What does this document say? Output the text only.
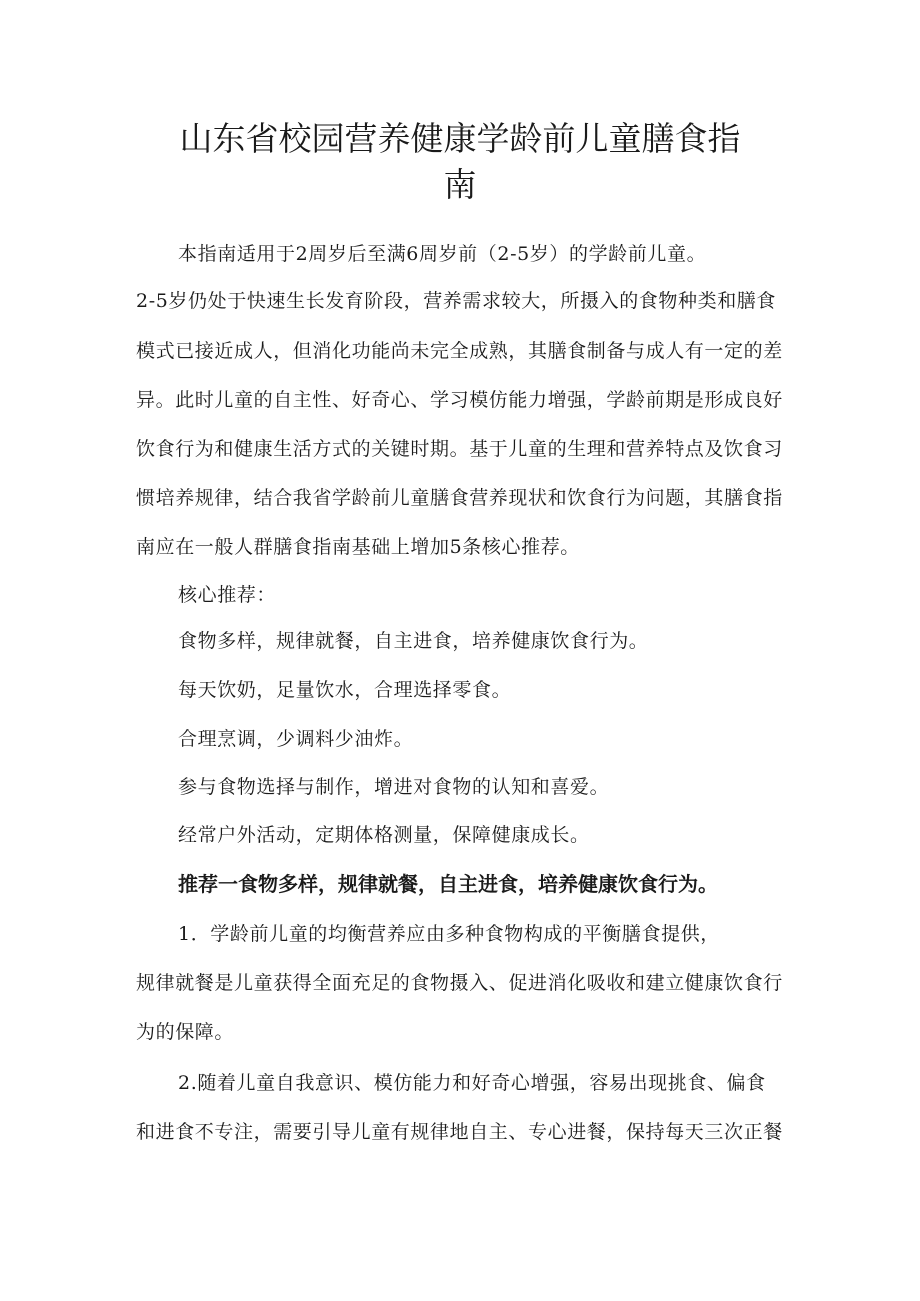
山东省校园营养健康学龄前儿童膳食指
南

本指南适用于2周岁后至满6周岁前（2-5岁）的学龄前儿童。

2-5岁仍处于快速生长发育阶段，营养需求较大，所摄入的食物种类和膳食

模式已接近成人，但消化功能尚未完全成熟，其膳食制备与成人有一定的差

异。此时儿童的自主性、好奇心、学习模仿能力增强，学龄前期是形成良好

饮食行为和健康生活方式的关键时期。基于儿童的生理和营养特点及饮食习

惯培养规律，结合我省学龄前儿童膳食营养现状和饮食行为问题，其膳食指

南应在一般人群膳食指南基础上增加5条核心推荐。

核心推荐：

食物多样，规律就餐，自主进食，培养健康饮食行为。

每天饮奶，足量饮水，合理选择零食。

合理烹调，少调料少油炸。

参与食物选择与制作，增进对食物的认知和喜爱。

经常户外活动，定期体格测量，保障健康成长。

推荐一食物多样，规律就餐，自主进食，培养健康饮食行为。

1．学龄前儿童的均衡营养应由多种食物构成的平衡膳食提供，

规律就餐是儿童获得全面充足的食物摄入、促进消化吸收和建立健康饮食行

为的保障。

2.随着儿童自我意识、模仿能力和好奇心增强，容易出现挑食、偏食

和进食不专注，需要引导儿童有规律地自主、专心进餐，保持每天三次正餐
